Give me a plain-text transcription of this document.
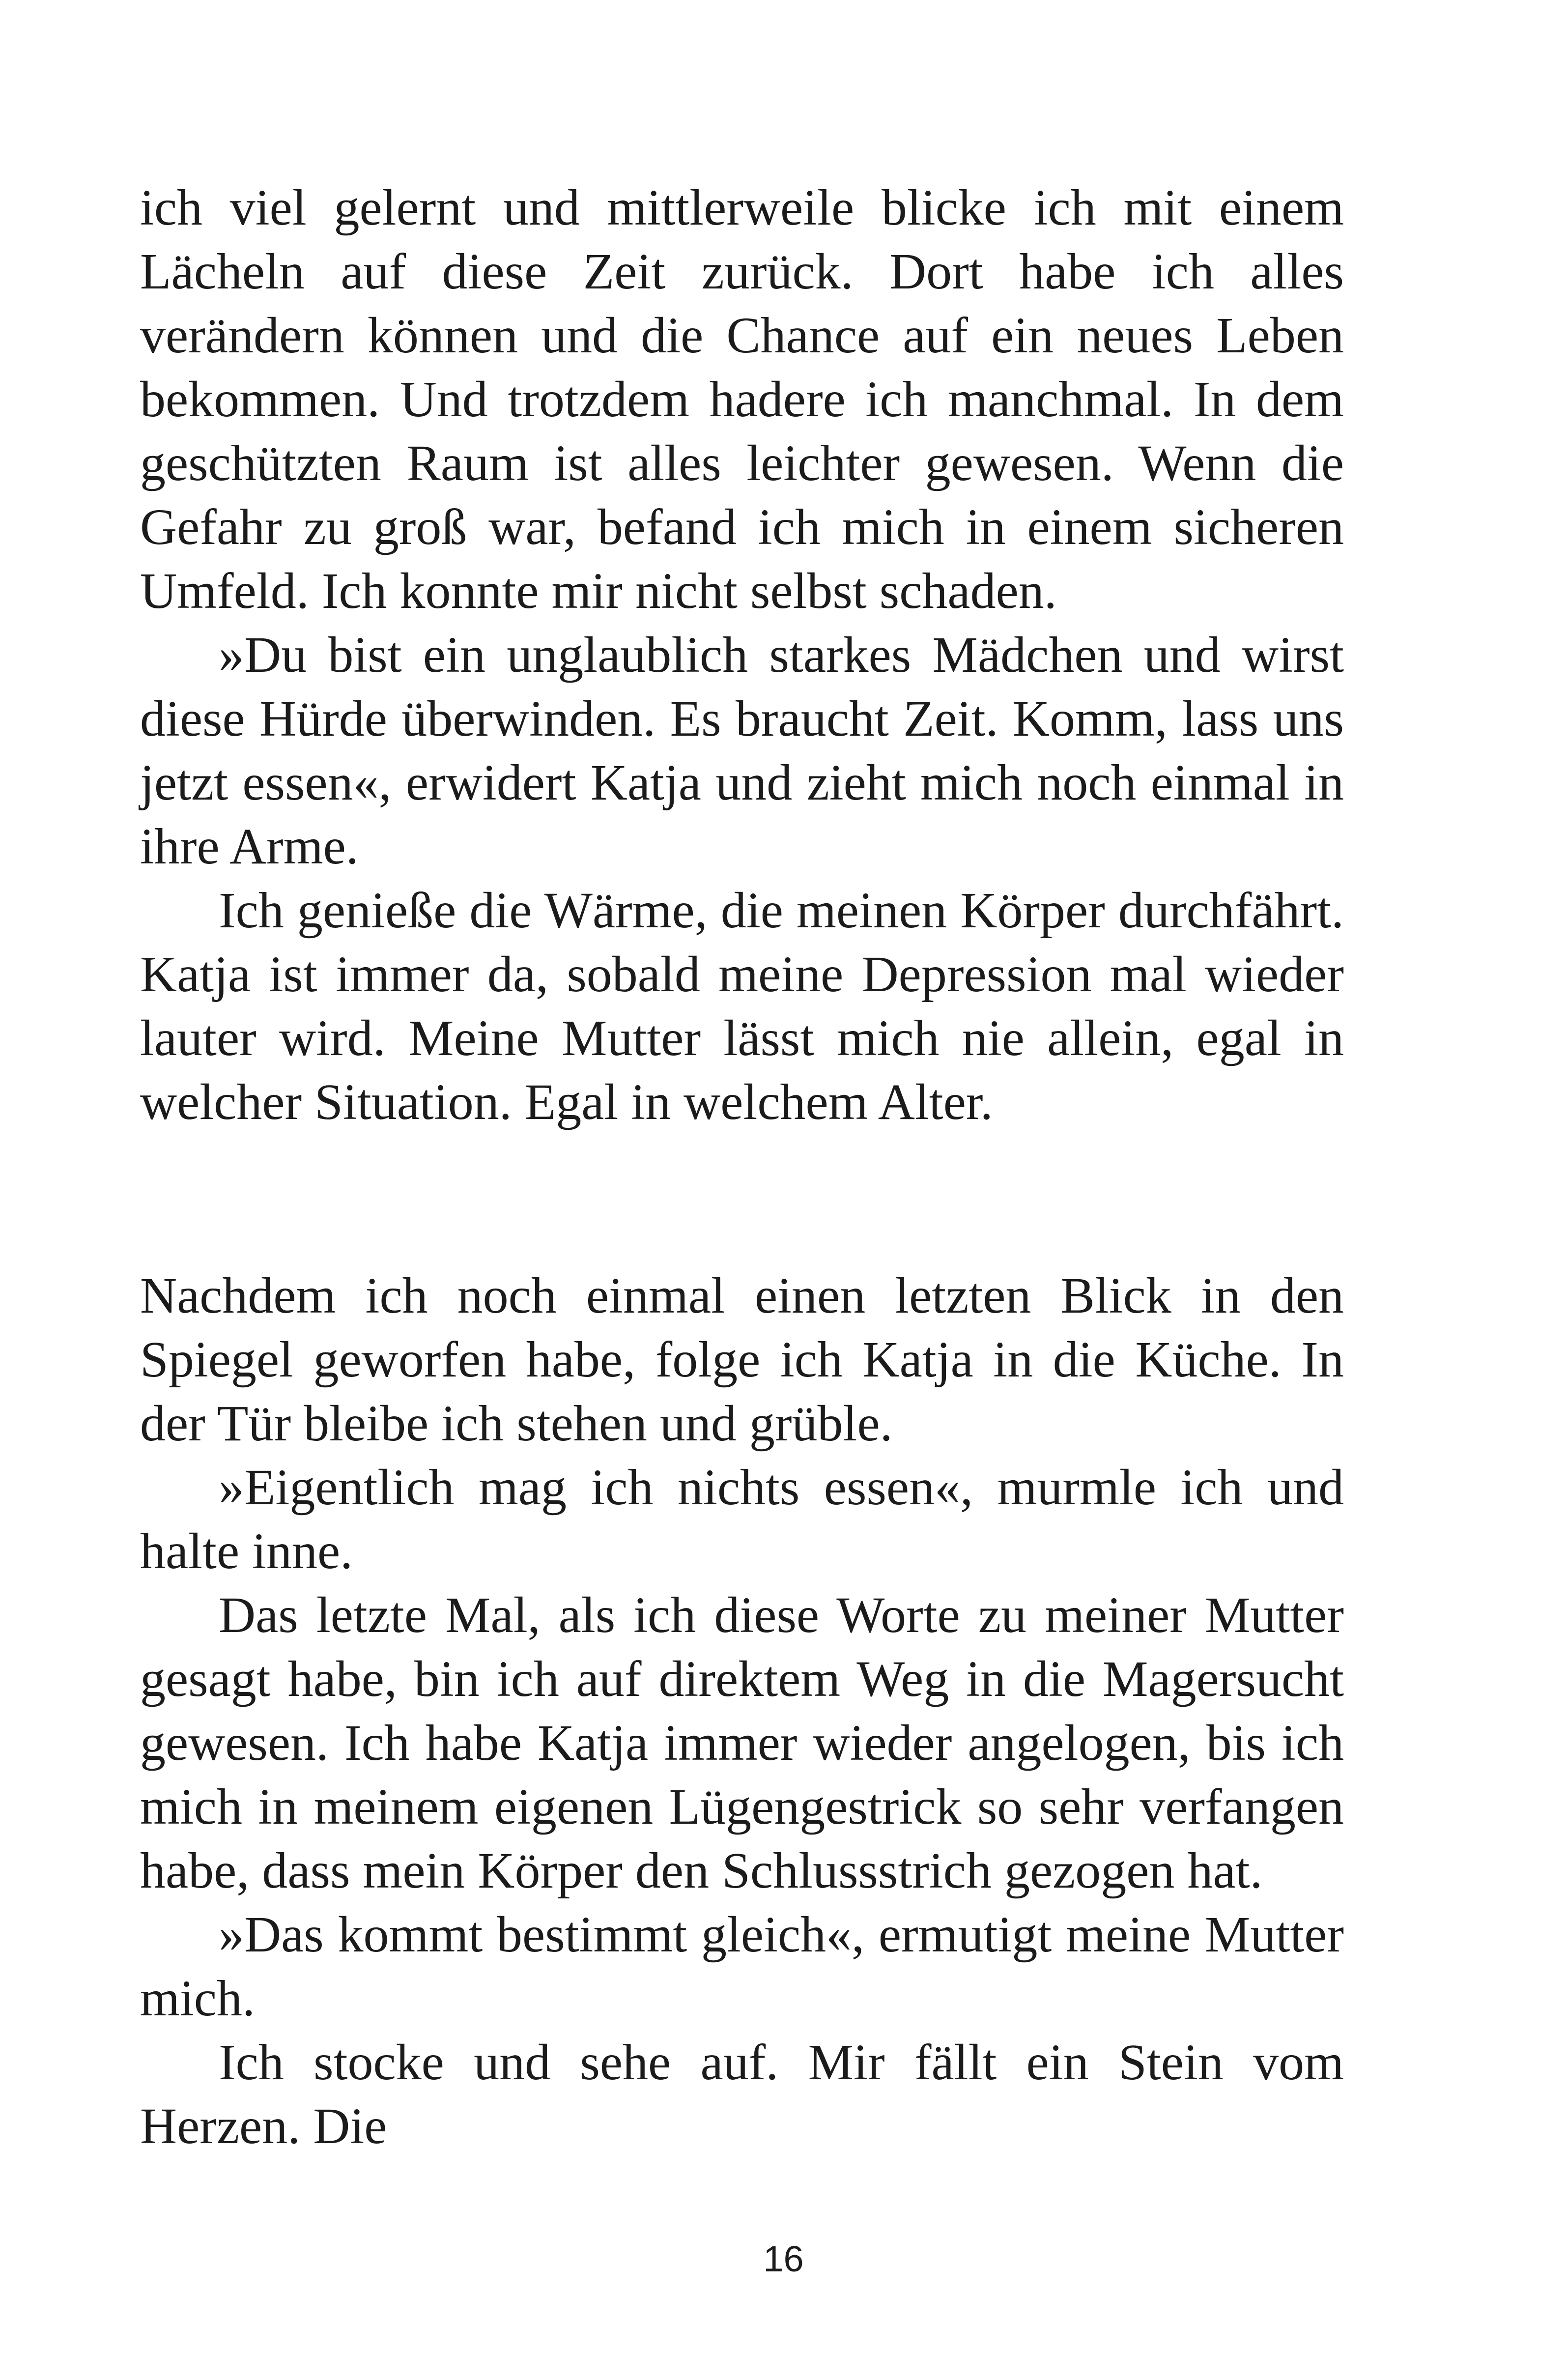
ich viel gelernt und mittlerweile blicke ich mit einem Lächeln auf diese Zeit zurück. Dort habe ich alles verändern können und die Chance auf ein neues Leben bekommen. Und trotzdem hadere ich manchmal. In dem geschützten Raum ist alles leichter gewesen. Wenn die Gefahr zu groß war, befand ich mich in einem sicheren Umfeld. Ich konnte mir nicht selbst schaden.

»Du bist ein unglaublich starkes Mädchen und wirst diese Hürde überwinden. Es braucht Zeit. Komm, lass uns jetzt essen«, erwidert Katja und zieht mich noch einmal in ihre Arme.

Ich genieße die Wärme, die meinen Körper durchfährt. Katja ist immer da, sobald meine Depression mal wieder lauter wird. Meine Mutter lässt mich nie allein, egal in welcher Situation. Egal in welchem Alter.

Nachdem ich noch einmal einen letzten Blick in den Spiegel geworfen habe, folge ich Katja in die Küche. In der Tür bleibe ich stehen und grüble.

»Eigentlich mag ich nichts essen«, murmle ich und halte inne.

Das letzte Mal, als ich diese Worte zu meiner Mutter gesagt habe, bin ich auf direktem Weg in die Magersucht gewesen. Ich habe Katja immer wieder angelogen, bis ich mich in meinem eigenen Lügengestrick so sehr verfangen habe, dass mein Körper den Schlussstrich gezogen hat.

»Das kommt bestimmt gleich«, ermutigt meine Mutter mich.

Ich stocke und sehe auf. Mir fällt ein Stein vom Herzen. Die

16
